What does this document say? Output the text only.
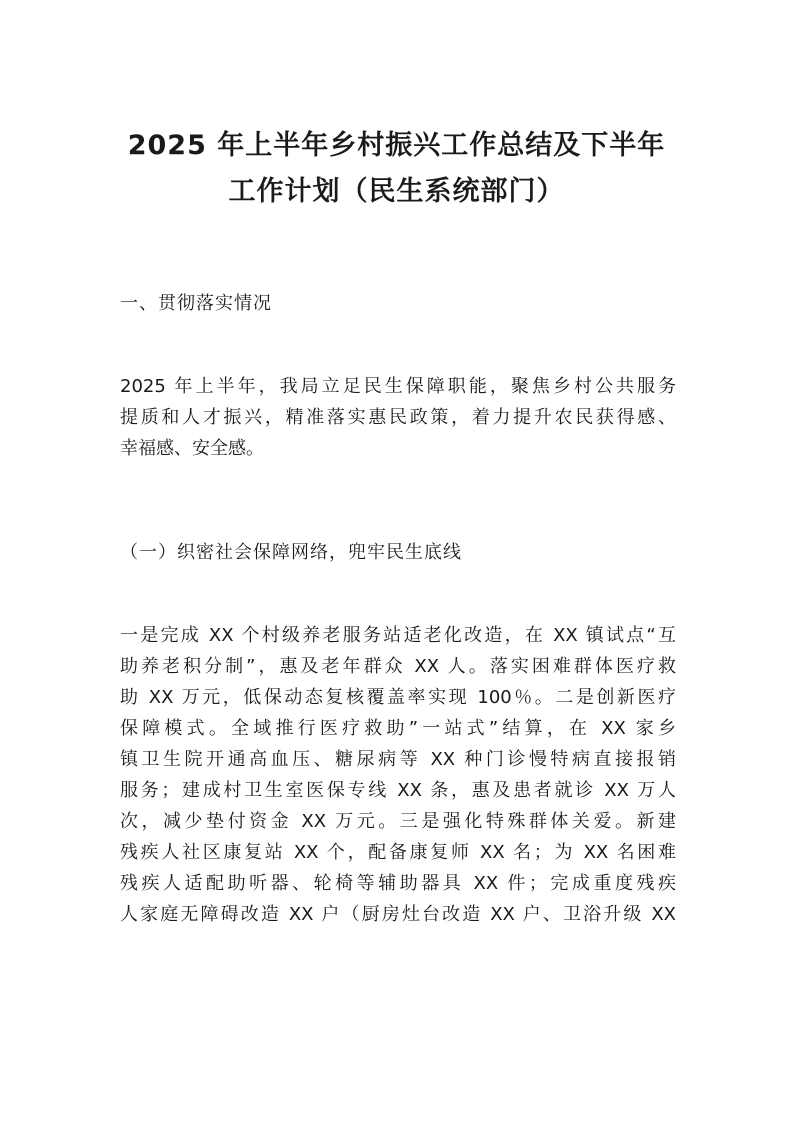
2025 年上半年乡村振兴工作总结及下半年
工作计划（民生系统部门）
一、贯彻落实情况
2025 年上半年，我局立足民生保障职能，聚焦乡村公共服务
提质和人才振兴，精准落实惠民政策，着力提升农民获得感、
幸福感、安全感。
（一）织密社会保障网络，兜牢民生底线
一是完成 XX 个村级养老服务站适老化改造，在 XX 镇试点“互
助养老积分制”，惠及老年群众 XX 人。落实困难群体医疗救
助 XX 万元，低保动态复核覆盖率实现 100％。二是创新医疗
保障模式。全域推行医疗救助”一站式”结算，在 XX 家乡
镇卫生院开通高血压、糖尿病等 XX 种门诊慢特病直接报销
服务；建成村卫生室医保专线 XX 条，惠及患者就诊 XX 万人
次，减少垫付资金 XX 万元。三是强化特殊群体关爱。新建
残疾人社区康复站 XX 个，配备康复师 XX 名；为 XX 名困难
残疾人适配助听器、轮椅等辅助器具 XX 件；完成重度残疾
人家庭无障碍改造 XX 户（厨房灶台改造 XX 户、卫浴升级 XX
